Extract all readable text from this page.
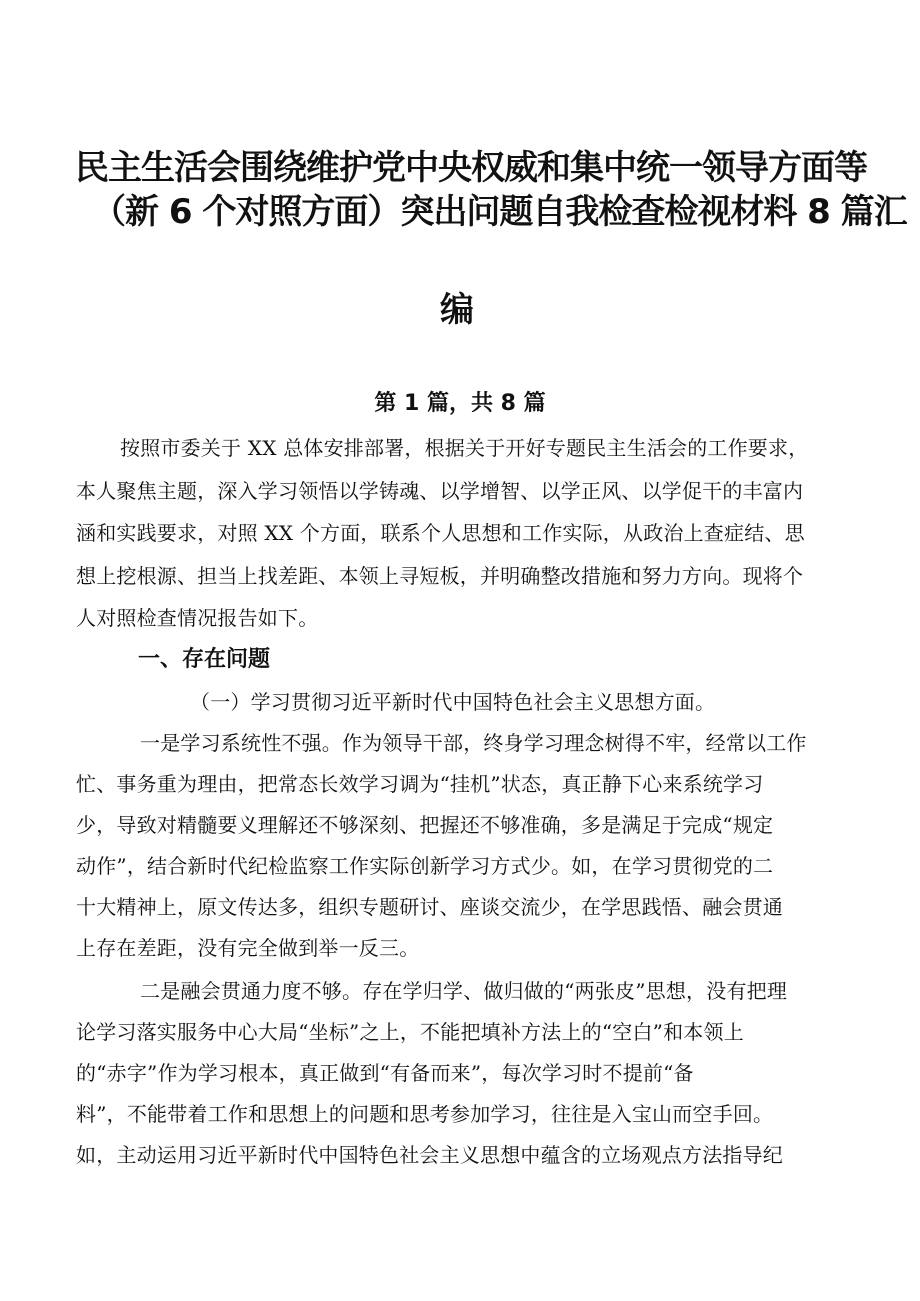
民主生活会围绕维护党中央权威和集中统一领导方面等
（新 6 个对照方面）突出问题自我检查检视材料 8 篇汇
编
第 1 篇，共 8 篇
按照市委关于 XX 总体安排部署，根据关于开好专题民主生活会的工作要求，
本人聚焦主题，深入学习领悟以学铸魂、以学增智、以学正风、以学促干的丰富内
涵和实践要求，对照 XX 个方面，联系个人思想和工作实际，从政治上查症结、思
想上挖根源、担当上找差距、本领上寻短板，并明确整改措施和努力方向。现将个
人对照检查情况报告如下。
一、存在问题
（一）学习贯彻习近平新时代中国特色社会主义思想方面。
一是学习系统性不强。作为领导干部，终身学习理念树得不牢，经常以工作
忙、事务重为理由，把常态长效学习调为“挂机”状态，真正静下心来系统学习
少，导致对精髓要义理解还不够深刻、把握还不够准确，多是满足于完成“规定
动作”，结合新时代纪检监察工作实际创新学习方式少。如，在学习贯彻党的二
十大精神上，原文传达多，组织专题研讨、座谈交流少，在学思践悟、融会贯通
上存在差距，没有完全做到举一反三。
二是融会贯通力度不够。存在学归学、做归做的“两张皮”思想，没有把理
论学习落实服务中心大局“坐标”之上，不能把填补方法上的“空白”和本领上
的“赤字”作为学习根本，真正做到“有备而来”，每次学习时不提前“备
料”，不能带着工作和思想上的问题和思考参加学习，往往是入宝山而空手回。
如，主动运用习近平新时代中国特色社会主义思想中蕴含的立场观点方法指导纪
